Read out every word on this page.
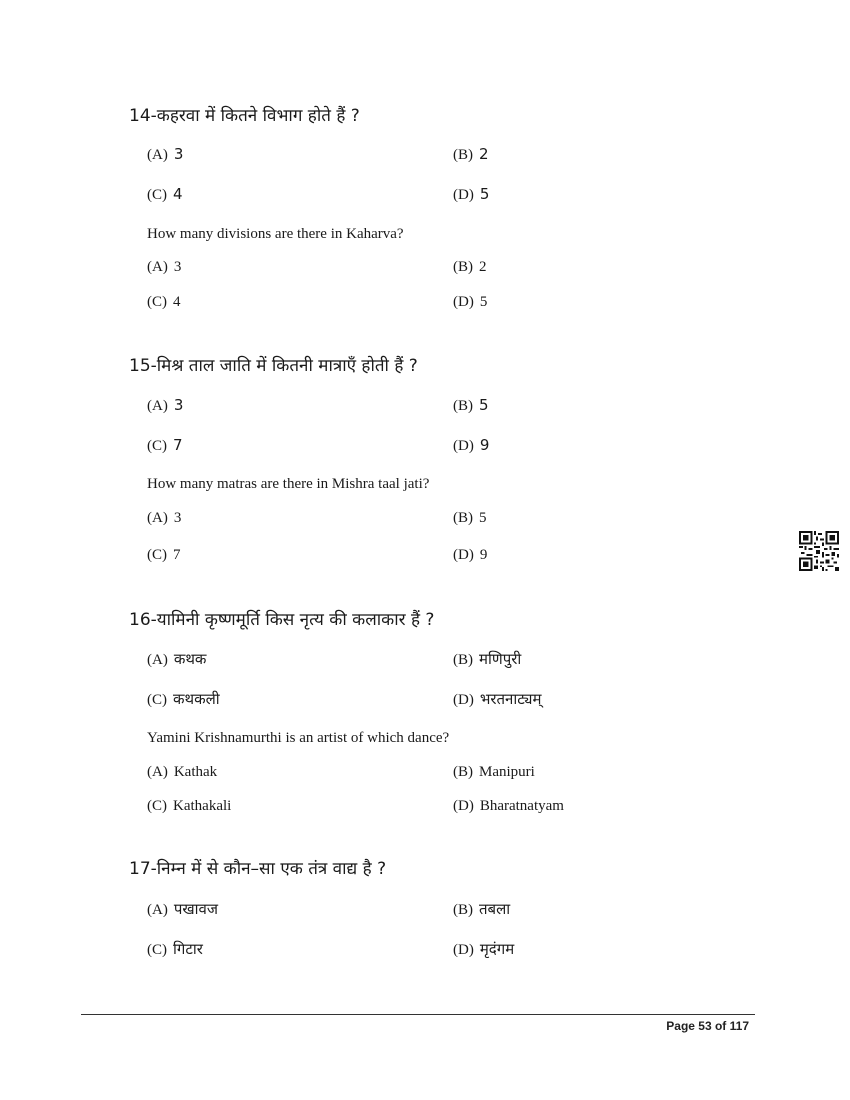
14-कहरवा में कितने विभाग होते हैं ?
(A) 3	(B) 2
(C) 4	(D) 5
How many divisions are there in Kaharva?
(A) 3	(B) 2
(C) 4	(D) 5
15-मिश्र ताल जाति में कितनी मात्राएँ होती हैं ?
(A) 3	(B) 5
(C) 7	(D) 9
How many matras are there in Mishra taal jati?
(A) 3	(B) 5
(C) 7	(D) 9
16-यामिनी कृष्णमूर्ति किस नृत्य की कलाकार हैं ?
(A) कथक	(B) मणिपुरी
(C) कथकली	(D) भरतनाट्यम्
Yamini Krishnamurthi is an artist of which dance?
(A) Kathak	(B) Manipuri
(C) Kathakali	(D) Bharatnatyam
17-निम्न में से कौन–सा एक तंत्र वाद्य है ?
(A) पखावज	(B) तबला
(C) गिटार	(D) मृदंगम
Page 53 of 117
